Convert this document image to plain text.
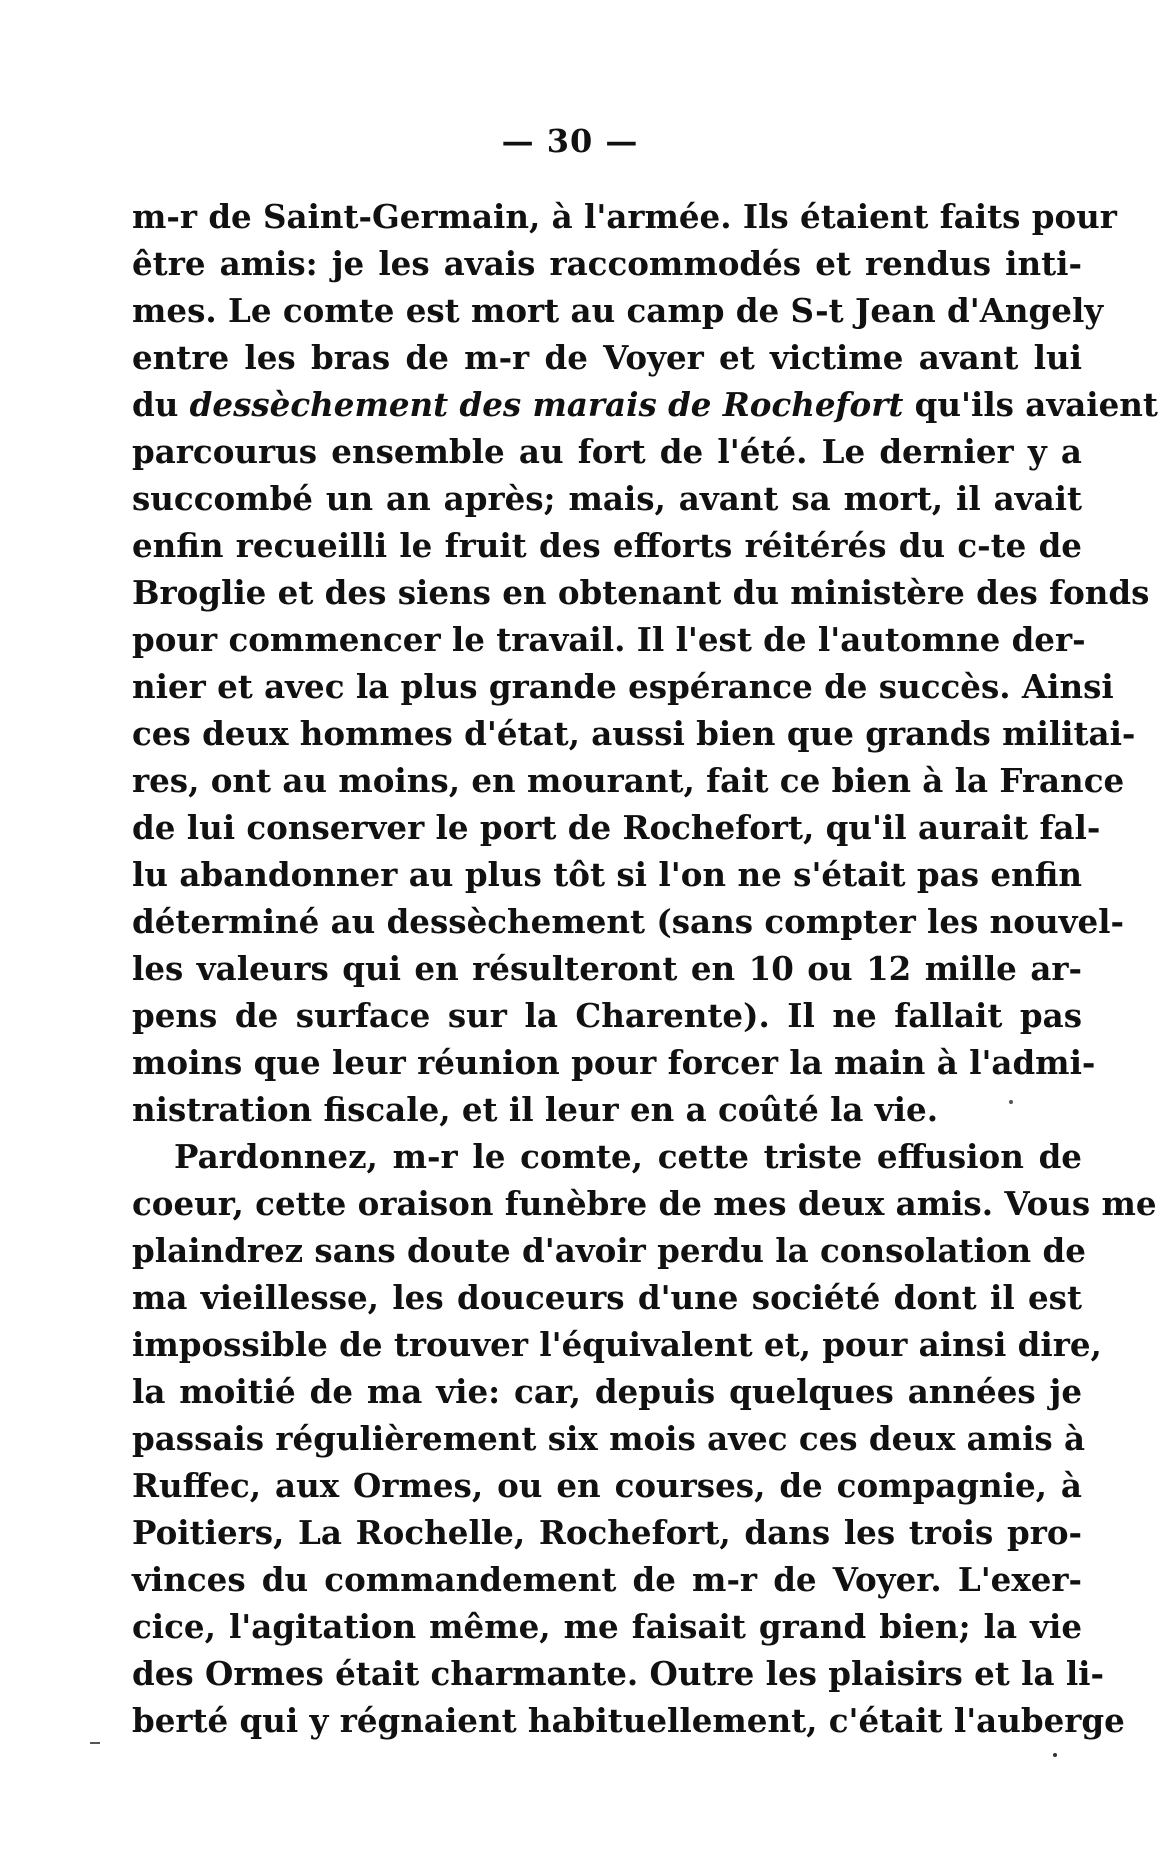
— 30 —
m-r de Saint-Germain, à l'armée. Ils étaient faits pour
être amis: je les avais raccommodés et rendus inti-
mes. Le comte est mort au camp de S-t Jean d'Angely
entre les bras de m-r de Voyer et victime avant lui
du dessèchement des marais de Rochefort qu'ils avaient
parcourus ensemble au fort de l'été. Le dernier y a
succombé un an après; mais, avant sa mort, il avait
enfin recueilli le fruit des efforts réitérés du c-te de
Broglie et des siens en obtenant du ministère des fonds
pour commencer le travail. Il l'est de l'automne der-
nier et avec la plus grande espérance de succès. Ainsi
ces deux hommes d'état, aussi bien que grands militai-
res, ont au moins, en mourant, fait ce bien à la France
de lui conserver le port de Rochefort, qu'il aurait fal-
lu abandonner au plus tôt si l'on ne s'était pas enfin
déterminé au dessèchement (sans compter les nouvel-
les valeurs qui en résulteront en 10 ou 12 mille ar-
pens de surface sur la Charente). Il ne fallait pas
moins que leur réunion pour forcer la main à l'admi-
nistration fiscale, et il leur en a coûté la vie.
Pardonnez, m-r le comte, cette triste effusion de
coeur, cette oraison funèbre de mes deux amis. Vous me
plaindrez sans doute d'avoir perdu la consolation de
ma vieillesse, les douceurs d'une société dont il est
impossible de trouver l'équivalent et, pour ainsi dire,
la moitié de ma vie: car, depuis quelques années je
passais régulièrement six mois avec ces deux amis à
Ruffec, aux Ormes, ou en courses, de compagnie, à
Poitiers, La Rochelle, Rochefort, dans les trois pro-
vinces du commandement de m-r de Voyer. L'exer-
cice, l'agitation même, me faisait grand bien; la vie
des Ormes était charmante. Outre les plaisirs et la li-
berté qui y régnaient habituellement, c'était l'auberge
